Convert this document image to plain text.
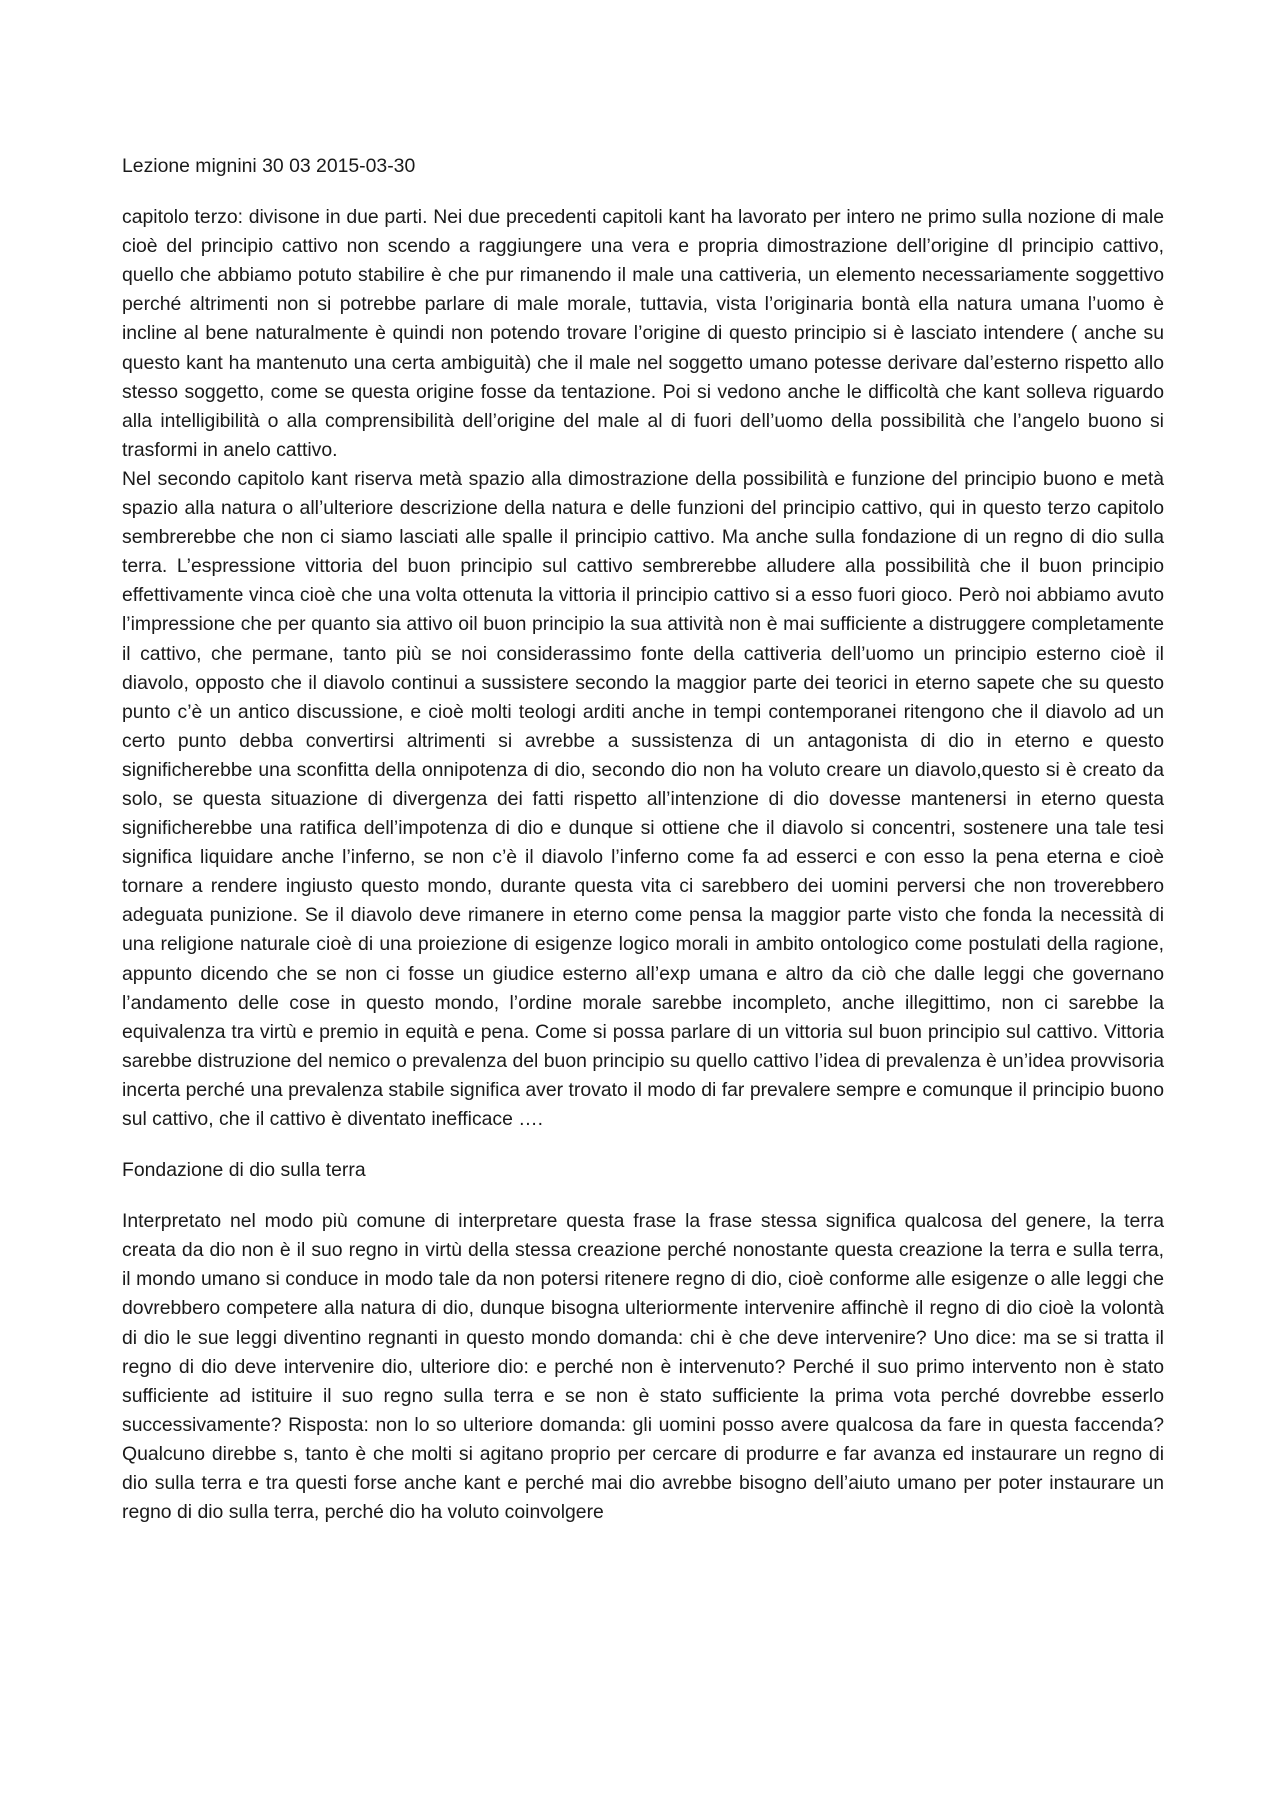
Lezione mignini 30 03 2015-03-30

capitolo terzo: divisone in due parti. Nei due precedenti capitoli kant ha lavorato per intero ne primo sulla nozione di male cioè del principio cattivo non scendo a raggiungere una vera e propria dimostrazione dell’origine dl principio cattivo, quello che abbiamo potuto stabilire è che pur rimanendo il male una cattiveria, un elemento necessariamente soggettivo perché altrimenti non si potrebbe parlare di male morale, tuttavia, vista l’originaria bontà ella natura umana l’uomo è incline al bene naturalmente è quindi non potendo trovare l’origine di questo principio si è lasciato intendere ( anche su questo kant ha mantenuto una certa ambiguità) che il male nel soggetto umano potesse derivare dal’esterno rispetto allo stesso soggetto, come se questa origine fosse da tentazione. Poi si vedono anche le difficoltà che kant solleva riguardo alla intelligibilità o alla comprensibilità dell’origine del male al di fuori dell’uomo della possibilità che l’angelo buono si trasformi in anelo cattivo.

Nel secondo capitolo kant riserva metà spazio alla dimostrazione della possibilità e funzione del principio buono e metà spazio alla natura o all’ulteriore descrizione della natura e delle funzioni del principio cattivo, qui in questo terzo capitolo sembrerebbe che non ci siamo lasciati alle spalle il principio cattivo. Ma anche sulla fondazione di un regno di dio sulla terra. L’espressione vittoria del buon principio sul cattivo sembrerebbe alludere alla possibilità che il buon principio effettivamente vinca cioè che una volta ottenuta la vittoria il principio cattivo si a esso fuori gioco. Però noi abbiamo avuto l’impressione che per quanto sia attivo oil buon principio la sua attività non è mai sufficiente a distruggere completamente il cattivo, che permane, tanto più se noi considerassimo fonte della cattiveria dell’uomo un principio esterno cioè il diavolo, opposto che il diavolo continui a sussistere secondo la maggior parte dei teorici in eterno sapete che su questo punto c’è un antico discussione, e cioè molti teologi arditi anche in tempi contemporanei ritengono che il diavolo ad un certo punto debba convertirsi altrimenti si avrebbe a sussistenza di un antagonista di dio in eterno e questo significherebbe una sconfitta della onnipotenza di dio, secondo dio non ha voluto creare un diavolo,questo si è creato da solo, se questa situazione di divergenza dei fatti rispetto all’intenzione di dio dovesse mantenersi in eterno questa significherebbe una ratifica dell’impotenza di dio e dunque si ottiene che il diavolo si concentri, sostenere una tale tesi significa liquidare anche l’inferno, se non c’è il diavolo l’inferno come fa ad esserci e con esso la pena eterna e cioè tornare a rendere ingiusto questo mondo, durante questa vita ci sarebbero dei uomini perversi che non troverebbero adeguata punizione. Se il diavolo deve rimanere in eterno come pensa la maggior parte visto che fonda la necessità di una religione naturale cioè di una proiezione di esigenze logico morali in ambito ontologico come postulati della ragione, appunto dicendo che se non ci fosse un giudice esterno all’exp umana e altro da ciò che dalle leggi che governano l’andamento delle cose in questo mondo, l’ordine morale sarebbe incompleto, anche illegittimo, non ci sarebbe la equivalenza tra virtù e premio in equità e pena. Come si possa parlare di un vittoria sul buon principio sul cattivo. Vittoria sarebbe distruzione del nemico o prevalenza del buon principio su quello cattivo l’idea di prevalenza è un’idea provvisoria incerta perché una prevalenza stabile significa aver trovato il modo di far prevalere sempre e comunque il principio buono sul cattivo, che il cattivo è diventato inefficace ….

Fondazione di dio sulla terra

Interpretato nel modo più comune di interpretare questa frase la frase stessa significa qualcosa del genere, la terra creata da dio non è il suo regno in virtù della stessa creazione perché nonostante questa creazione la terra e sulla terra, il mondo umano si conduce in modo tale da non potersi ritenere regno di dio, cioè conforme alle esigenze o alle leggi che dovrebbero competere alla natura di dio, dunque bisogna ulteriormente intervenire affinchè il regno di dio cioè la volontà di dio le sue leggi diventino regnanti in questo mondo domanda: chi è che deve intervenire? Uno dice: ma se si tratta il regno di dio deve intervenire dio, ulteriore dio: e perché non è intervenuto? Perché il suo primo intervento non è stato sufficiente ad istituire il suo regno sulla terra e se non è stato sufficiente la prima vota perché dovrebbe esserlo successivamente? Risposta: non lo so ulteriore domanda: gli uomini posso avere qualcosa da fare in questa faccenda? Qualcuno direbbe s, tanto è che molti si agitano proprio per cercare di produrre e far avanza ed instaurare un regno di dio sulla terra e tra questi forse anche kant e perché mai dio avrebbe bisogno dell’aiuto umano per poter instaurare un regno di dio sulla terra, perché dio ha voluto coinvolgere
